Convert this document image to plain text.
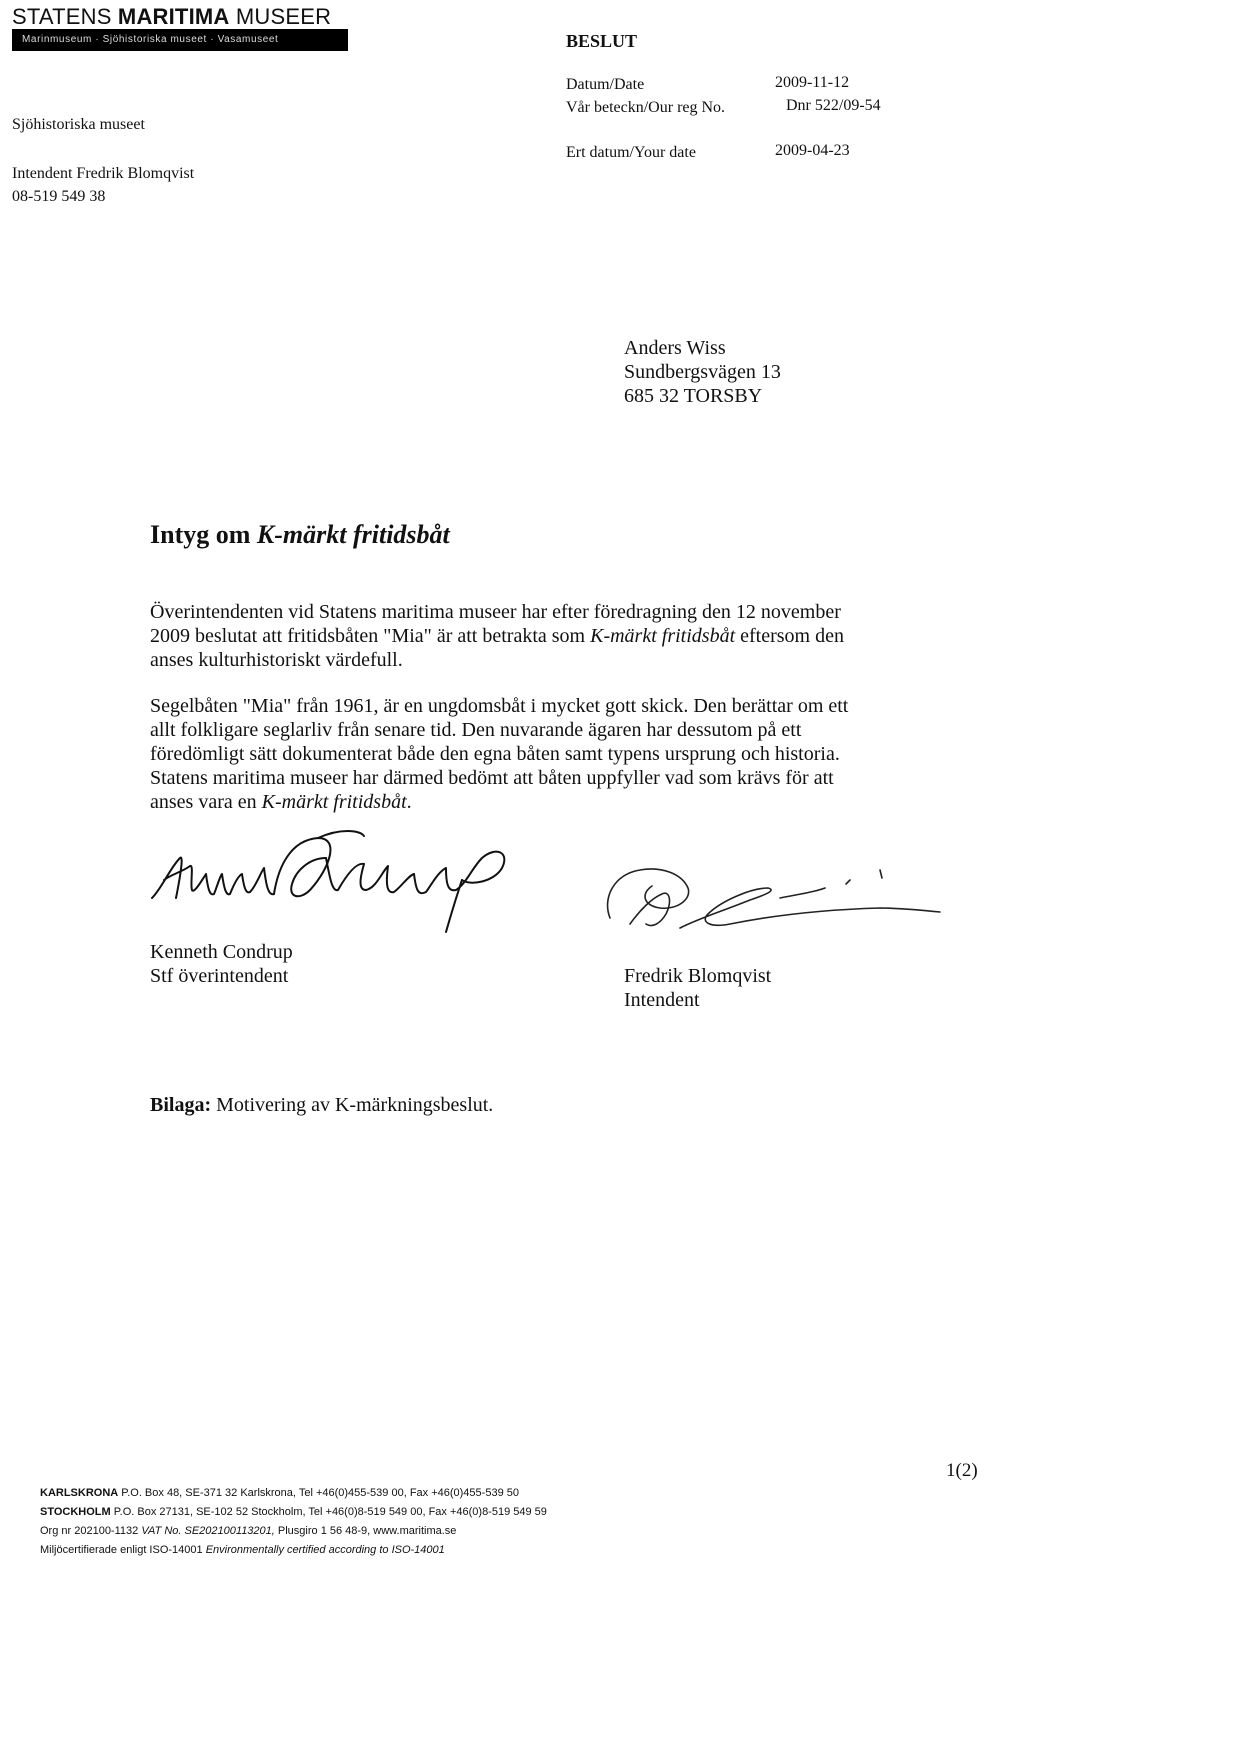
STATENS MARITIMA MUSEER
Marinmuseum · Sjöhistoriska museet · Vasamuseet
Sjöhistoriska museet
Intendent Fredrik Blomqvist
08-519 549 38
BESLUT
Datum/Date	2009-11-12
Vår beteckn/Our reg No.	Dnr 522/09-54
Ert datum/Your date	2009-04-23
Anders Wiss
Sundbergsvägen 13
685 32 TORSBY
Intyg om K-märkt fritidsbåt
Överintendenten vid Statens maritima museer har efter föredragning den 12 november 2009 beslutat att fritidsbåten "Mia" är att betrakta som K-märkt fritidsbåt eftersom den anses kulturhistoriskt värdefull.
Segelbåten "Mia" från 1961, är en ungdomsbåt i mycket gott skick. Den berättar om ett allt folkligare seglarliv från senare tid. Den nuvarande ägaren har dessutom på ett föredömligt sätt dokumenterat både den egna båten samt typens ursprung och historia. Statens maritima museer har därmed bedömt att båten uppfyller vad som krävs för att anses vara en K-märkt fritidsbåt.
Kenneth Condrup
Stf överintendent	Fredrik Blomqvist
Intendent
Bilaga: Motivering av K-märkningsbeslut.
1(2)
KARLSKRONA P.O. Box 48, SE-371 32 Karlskrona, Tel +46(0)455-539 00, Fax +46(0)455-539 50
STOCKHOLM P.O. Box 27131, SE-102 52 Stockholm, Tel +46(0)8-519 549 00, Fax +46(0)8-519 549 59
Org nr 202100-1132 VAT No. SE202100113201, Plusgiro 1 56 48-9, www.maritima.se
Miljöcertifierade enligt ISO-14001 Environmentally certified according to ISO-14001
